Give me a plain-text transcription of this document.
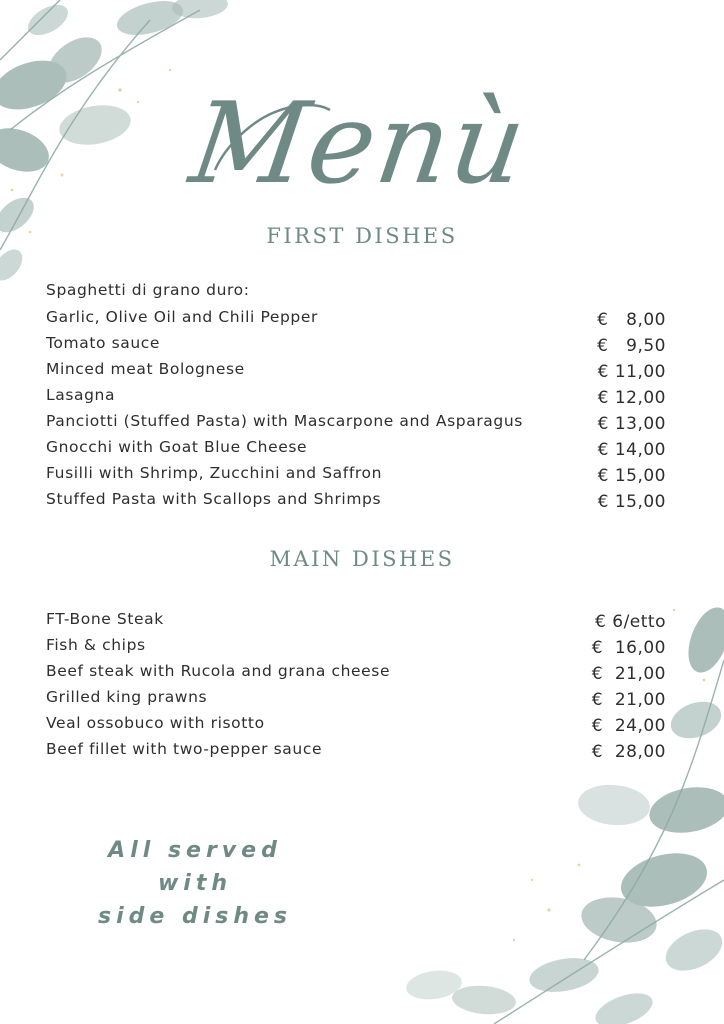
Menù
FIRST DISHES
Spaghetti di grano duro:
Garlic, Olive Oil and Chili Pepper	€   8,00
Tomato sauce	€   9,50
Minced meat Bolognese	€ 11,00
Lasagna	€ 12,00
Panciotti (Stuffed Pasta) with Mascarpone and Asparagus	€ 13,00
Gnocchi with Goat Blue Cheese	€ 14,00
Fusilli with Shrimp, Zucchini and Saffron	€ 15,00
Stuffed Pasta with Scallops and Shrimps	€ 15,00
MAIN DISHES
FT-Bone Steak	€ 6/etto
Fish & chips	€  16,00
Beef steak with Rucola and grana cheese	€  21,00
Grilled king prawns	€  21,00
Veal ossobuco with risotto	€  24,00
Beef fillet with two-pepper sauce	€  28,00
All served
with
side dishes
